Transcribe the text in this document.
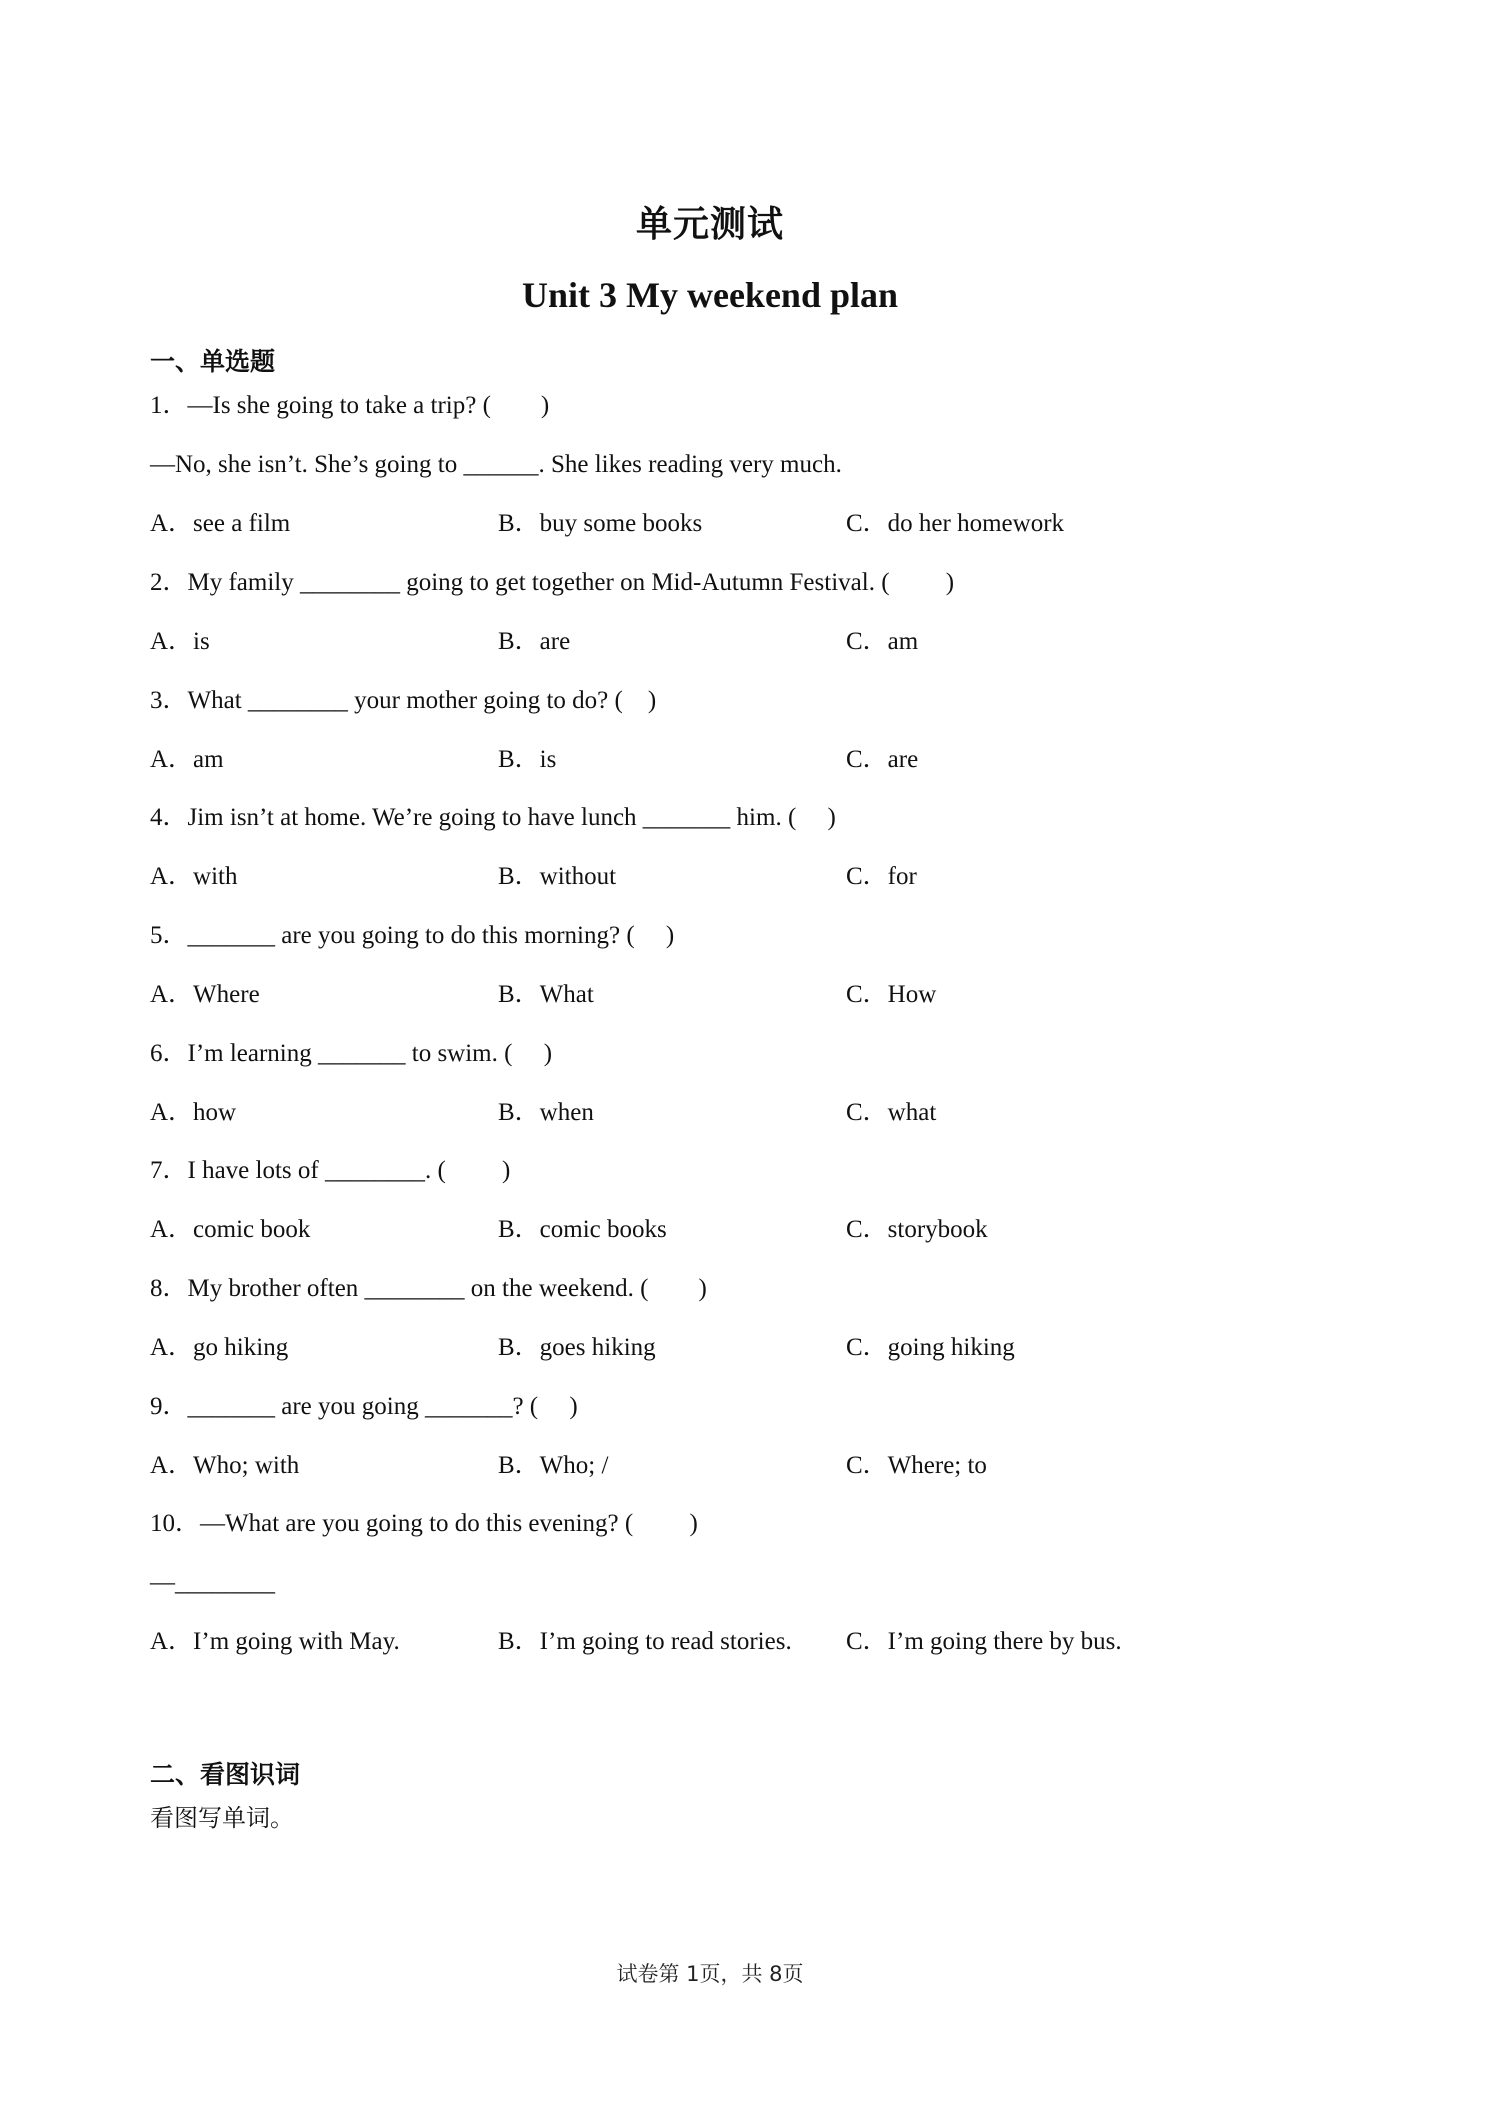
单元测试
Unit 3 My weekend plan
一、单选题
1．—Is she going to take a trip? (　　)
—No, she isn’t. She’s going to ______. She likes reading very much.
A．see a film	B．buy some books	C．do her homework
2．My family ________ going to get together on Mid-Autumn Festival. (　　 )
A．is	B．are	C．am
3．What ________ your mother going to do? (　)
A．am	B．is	C．are
4．Jim isn’t at home. We’re going to have lunch _______ him. (　 )
A．with	B．without	C．for
5．_______ are you going to do this morning? (　 )
A．Where	B．What	C．How
6．I’m learning _______ to swim. (　 )
A．how	B．when	C．what
7．I have lots of ________. (　　 )
A．comic book	B．comic books	C．storybook
8．My brother often ________ on the weekend. (　　)
A．go hiking	B．goes hiking	C．going hiking
9．_______ are you going _______? (　 )
A．Who; with	B．Who; /	C．Where; to
10．—What are you going to do this evening? (　　 )
—________
A．I’m going with May.	B．I’m going to read stories. C．I’m going there by bus.
二、看图识词
看图写单词。
试卷第 1页，共 8页
